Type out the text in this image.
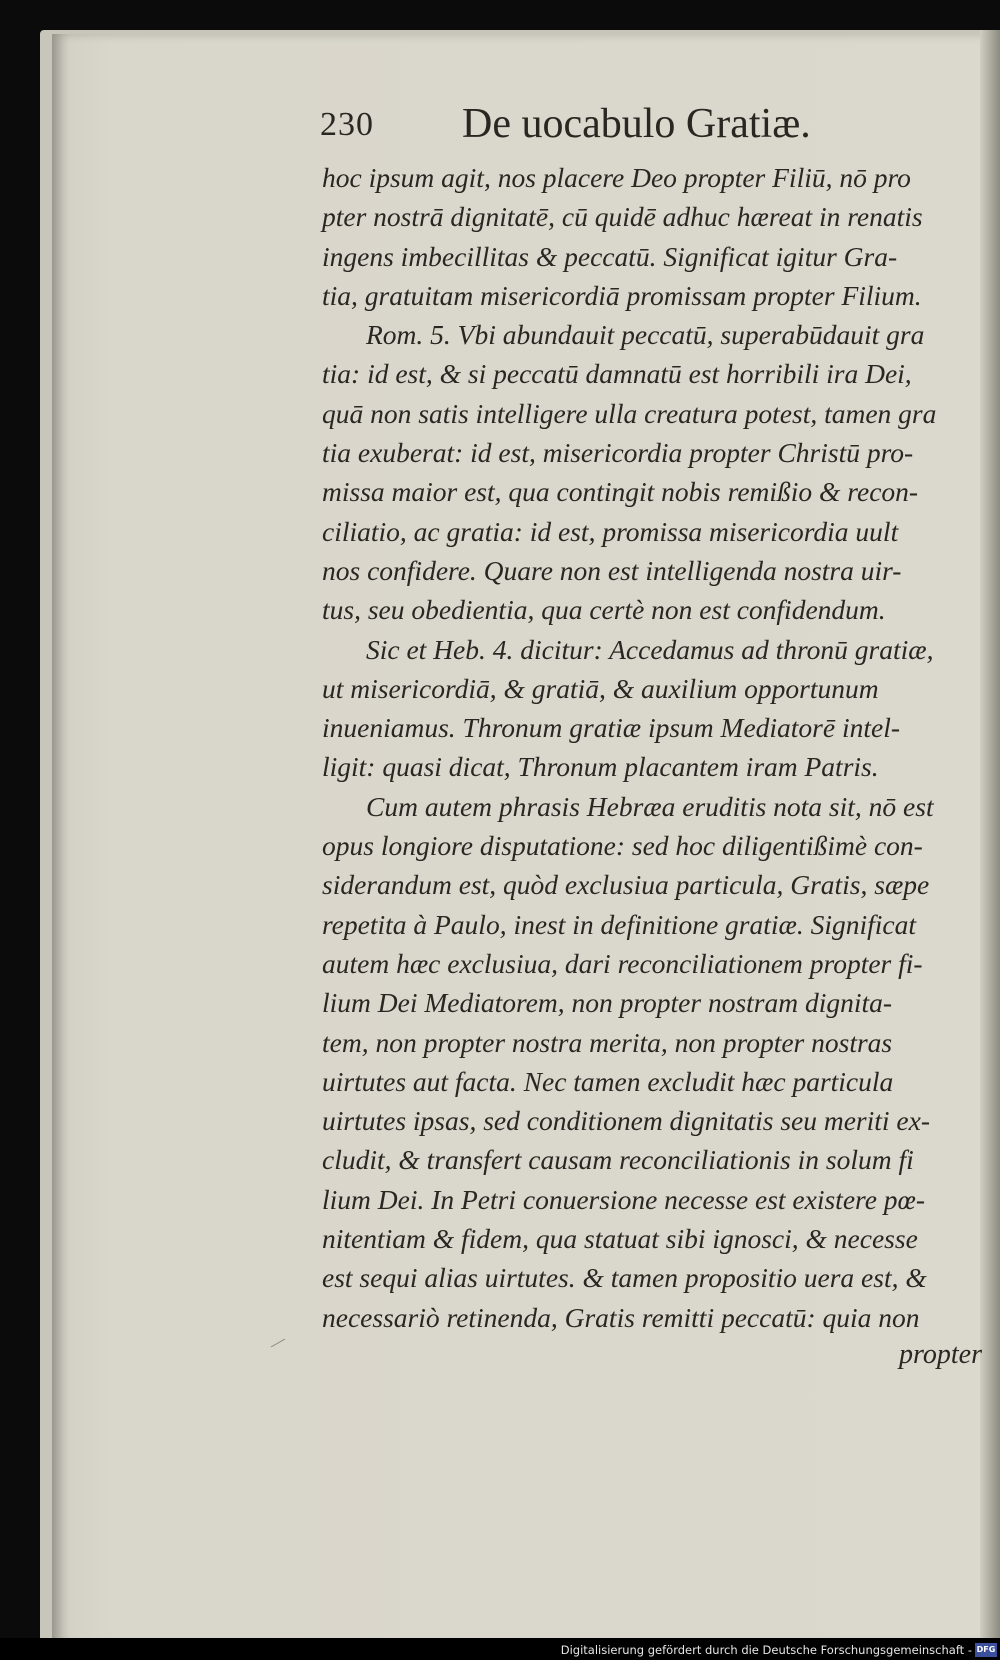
230 De uocabulo Gratiæ.
hoc ipsum agit, nos placere Deo propter Filiū, nō pro
pter nostrā dignitatē, cū quidē adhuc hæreat in renatis
ingens imbecillitas & peccatū. Significat igitur Gra-
tia, gratuitam misericordiā promissam propter Filium.
Rom. 5. Vbi abundauit peccatū, superabūdauit gra
tia: id est, & si peccatū damnatū est horribili ira Dei,
quā non satis intelligere ulla creatura potest, tamen gra
tia exuberat: id est, misericordia propter Christū pro-
missa maior est, qua contingit nobis remißio & recon-
ciliatio, ac gratia: id est, promissa misericordia uult
nos confidere. Quare non est intelligenda nostra uir-
tus, seu obedientia, qua certè non est confidendum.
Sic et Heb. 4. dicitur: Accedamus ad thronū gratiæ,
ut misericordiā, & gratiā, & auxilium opportunum
inueniamus. Thronum gratiæ ipsum Mediatorē intel-
ligit: quasi dicat, Thronum placantem iram Patris.
Cum autem phrasis Hebræa eruditis nota sit, nō est
opus longiore disputatione: sed hoc diligentißimè con-
siderandum est, quòd exclusiua particula, Gratis, sæpe
repetita à Paulo, inest in definitione gratiæ. Significat
autem hæc exclusiua, dari reconciliationem propter fi-
lium Dei Mediatorem, non propter nostram dignita-
tem, non propter nostra merita, non propter nostras
uirtutes aut facta. Nec tamen excludit hæc particula
uirtutes ipsas, sed conditionem dignitatis seu meriti ex-
cludit, & transfert causam reconciliationis in solum fi
lium Dei. In Petri conuersione necesse est existere pœ-
nitentiam & fidem, qua statuat sibi ignosci, & necesse
est sequi alias uirtutes. & tamen propositio uera est, &
necessariò retinenda, Gratis remitti peccatū: quia non
propter
Digitalisierung gefördert durch die Deutsche Forschungsgemeinschaft - DFG
